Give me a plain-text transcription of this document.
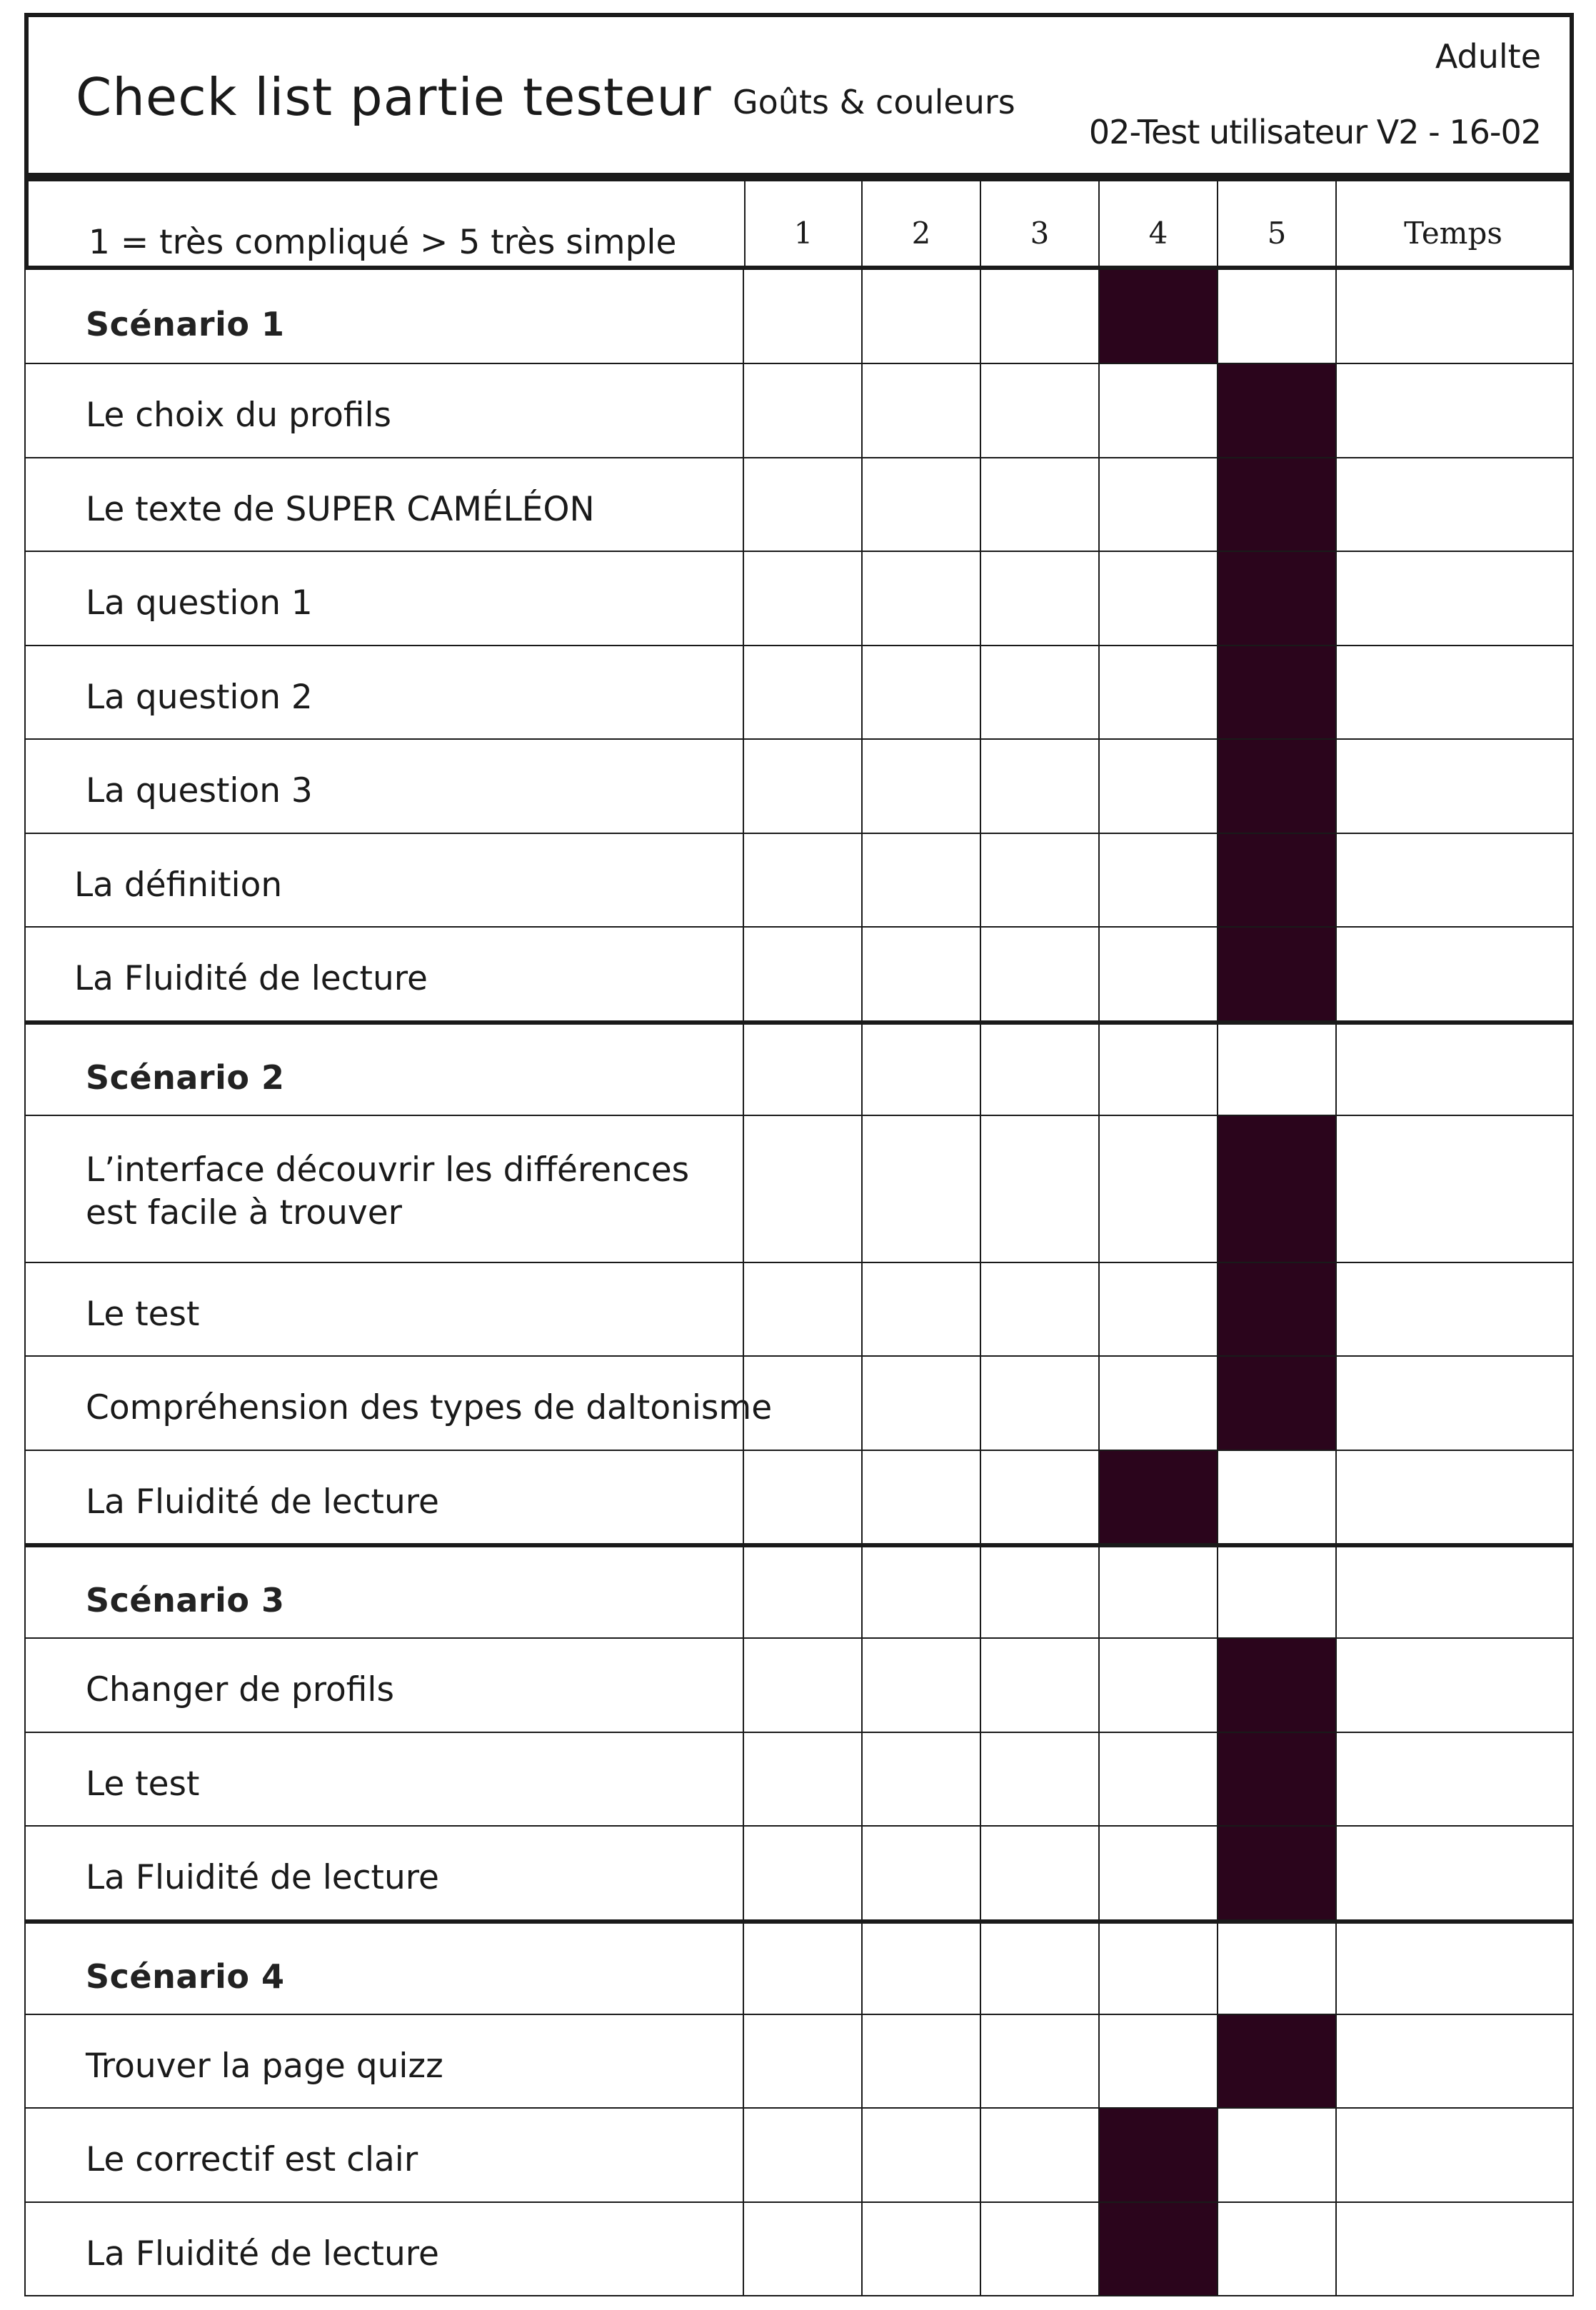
Check list partie testeur Goûts & couleurs
Adulte
02-Test utilisateur V2 - 16-02
1 = très compliqué > 5 très simple	1	2	3	4	5	Temps
Scénario 1
Le choix du profils
Le texte de SUPER CAMÉLÉON
La question 1
La question 2
La question 3
La définition
La Fluidité de lecture
Scénario 2
L’interface découvrir les différences
est facile à trouver
Le test
Compréhension des types de daltonisme
La Fluidité de lecture
Scénario 3
Changer de profils
Le test
La Fluidité de lecture
Scénario 4
Trouver la page quizz
Le correctif est clair
La Fluidité de lecture
